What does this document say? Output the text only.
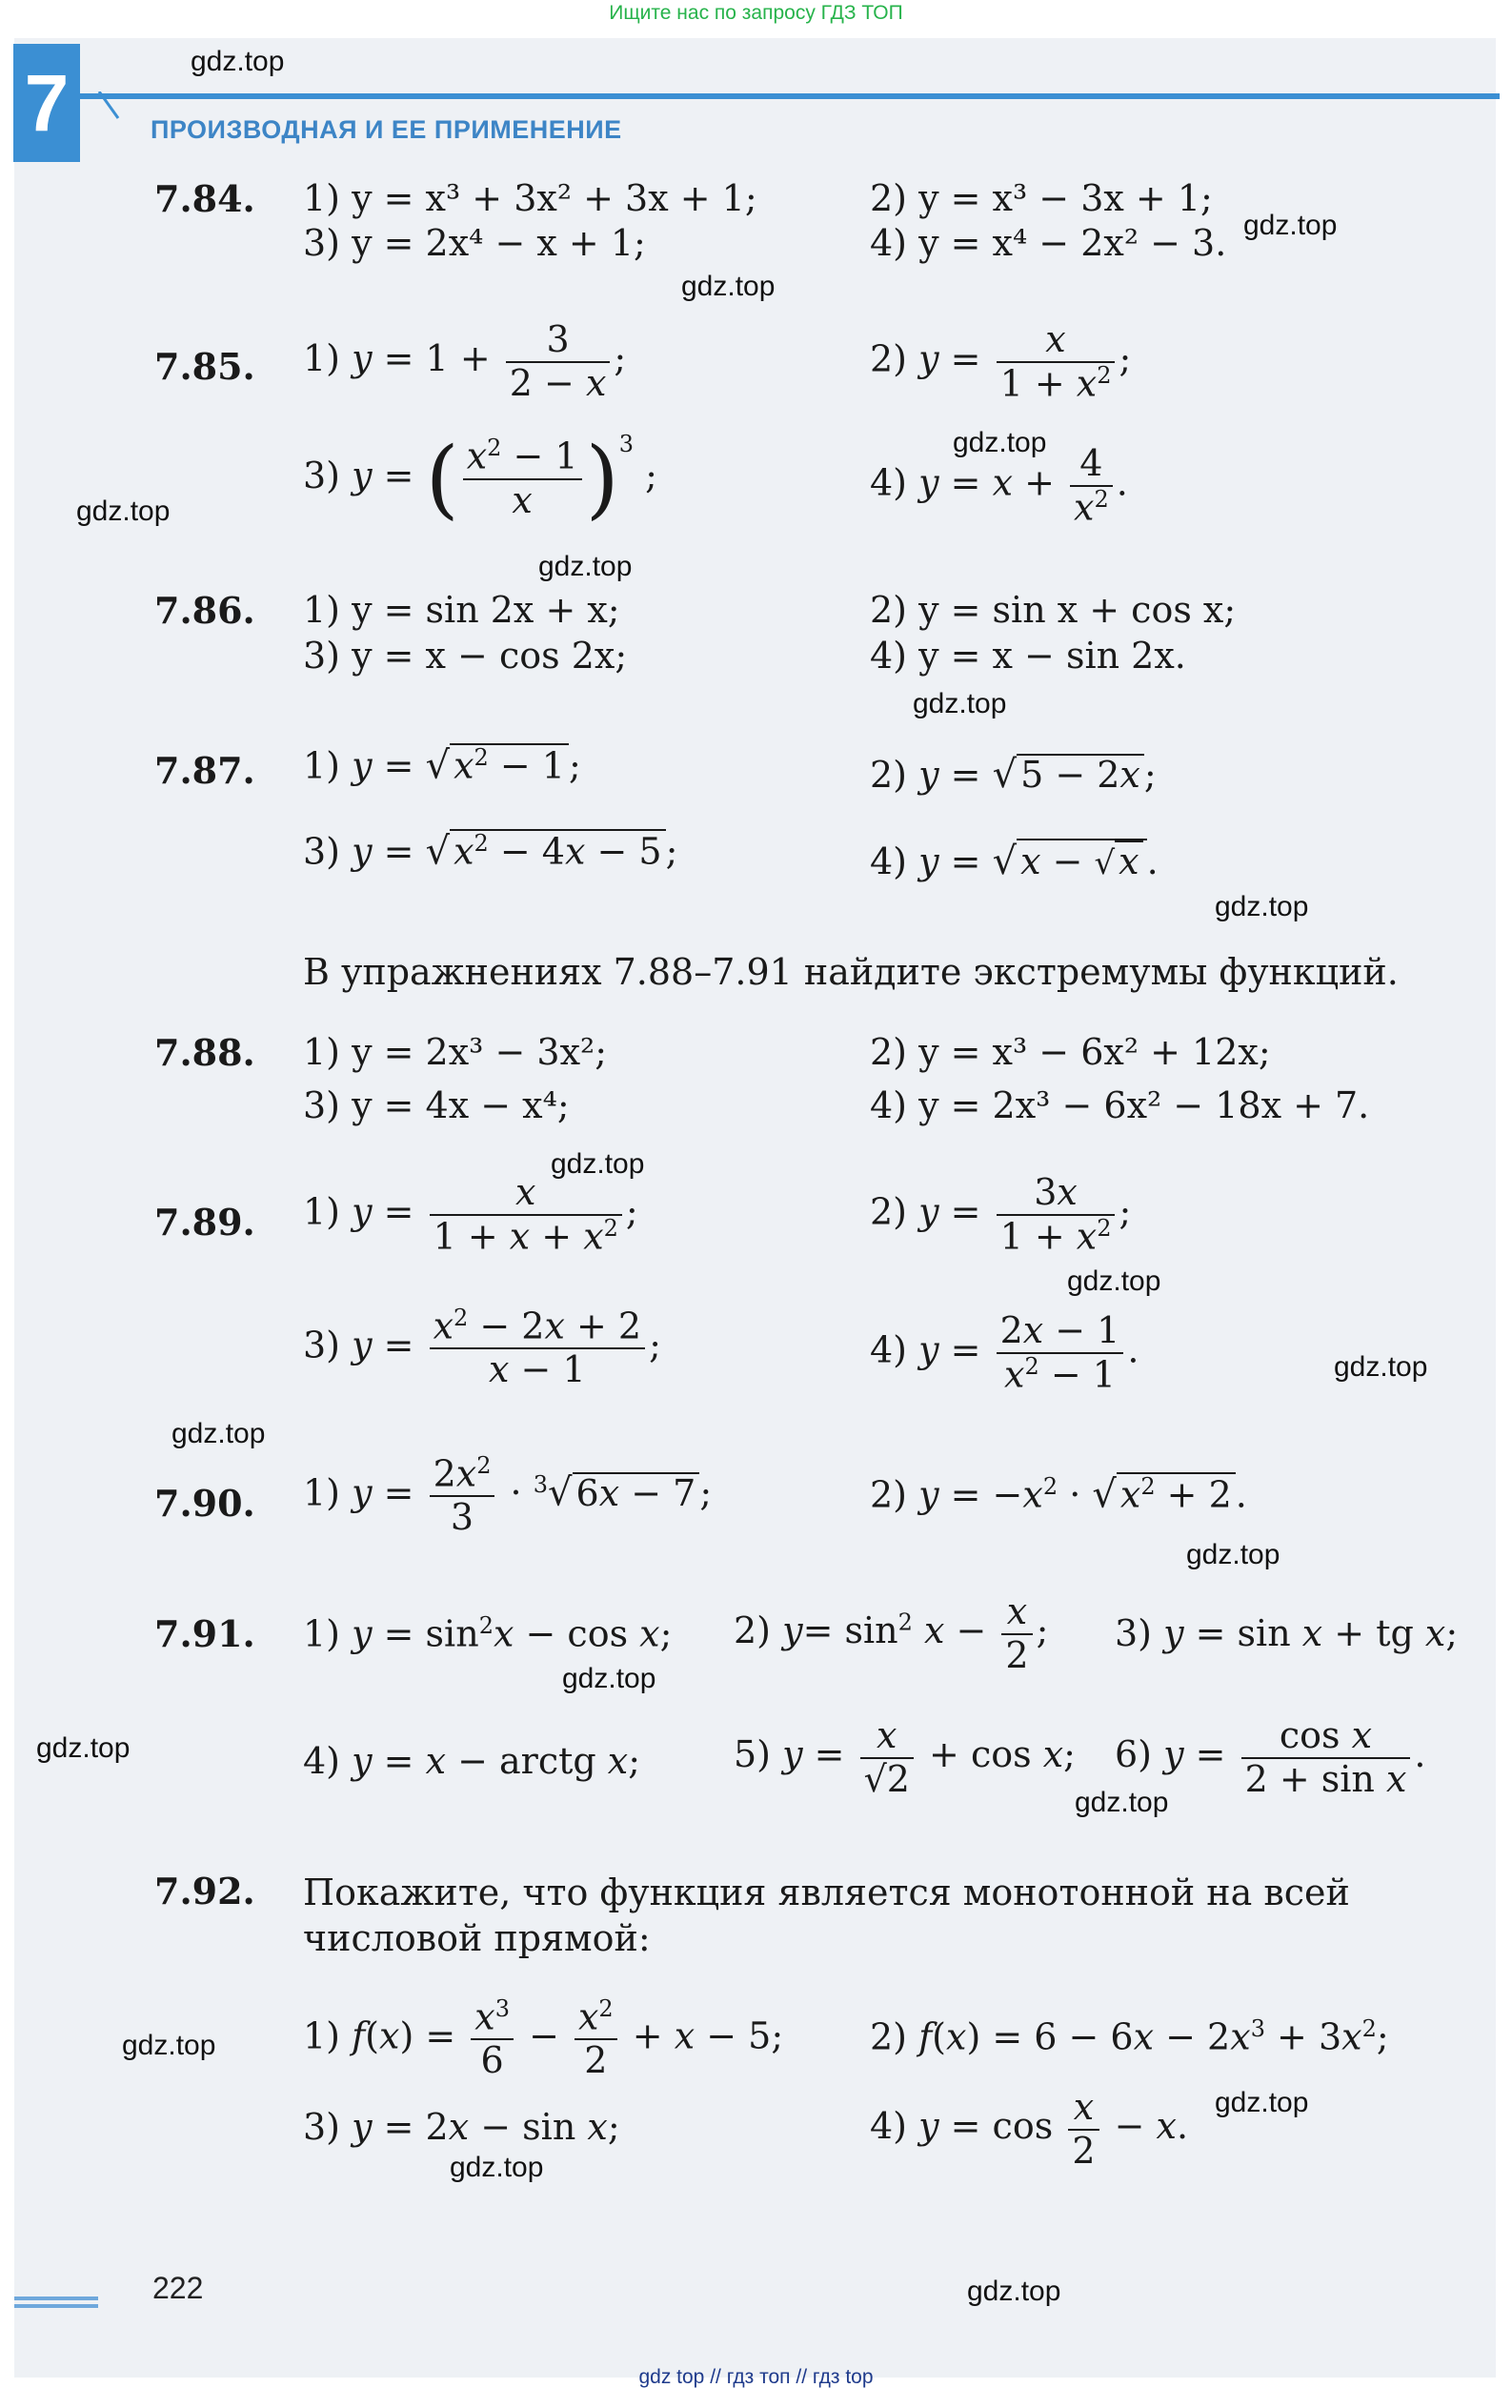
Ищите нас по запросу ГДЗ ТОП
7	ПРОИЗВОДНАЯ И ЕЕ ПРИМЕНЕНИЕ
gdz.top
gdz.top
gdz.top
gdz.top
gdz.top
gdz.top
gdz.top
gdz.top
gdz.top
gdz.top
gdz.top
gdz.top
gdz.top
gdz.top
gdz.top
gdz.top
gdz.top
gdz.top
gdz.top
gdz.top
7.84. 1) y = x³ + 3x² + 3x + 1;	2) y = x³ − 3x + 1;
3) y = 2x⁴ − x + 1;	4) y = x⁴ − 2x² − 3.
7.85. 1) $y = 1 + \frac{3}{2 - x}$ ;	2) $y = \frac{x}{1 + x^2}$ ;
3) y = ( $\frac{x^2 - 1}{x} )^3$ ;	4) $y = x + \frac{4}{x^2}$ .
7.86. 1) y = sin 2x + x;	2) y = sin x + cos x;
3) y = x − cos 2x;	4) y = x − sin 2x.
7.87. 1) y = √ $x^2 - 1$ ;	2) y = √ 5 − 2x ;
3) y = √ $x^2 - 4x - 5$ ;	4) y = √ x − √ x .
В упражнениях 7.88–7.91 найдите экстремумы функций.
7.88. 1) y = 2x³ − 3x²;	2) y = x³ − 6x² + 12x;
3) y = 4x − x⁴;	4) y = 2x³ − 6x² − 18x + 7.
7.89. 1) $y = \frac{x}{1 + x + x^2}$ ;	2) $y = \frac{3x}{1 + x^2}$ ;
3) $y = \frac{x^2 - 2x + 2}{x - 1}$ ;	4) $y = \frac{2x - 1}{x^2 - 1}$ .
7.90. 1) $y = \frac{2x^2}{3} \cdot ^3√$ 6x − 7 ;	2) $y = -x^2$ · √ $x^2 + 2$ .
7.91. 1) $y = \sin^2x - \cos x$; 2) $y= \sin^2 x - \frac{x}{2}$ ; 3) y = sin x + tg x;
4) y = x − arctg x;	5) $y = \frac{x}{√2} + \cos x$; 6) $y = \frac{\text{cos x}}{\text{2 + sin x}}$ .
7.92. Покажите, что функция является монотонной на всей числовой прямой:
1) $f(x) = \frac{x^3}{6} - \frac{x^2}{2} + x - 5$; 2) $f(x) = 6 - 6x - 2x^3 + 3x^2$;
3) y = 2x − sin x;	4) $y = \cos \frac{x}{2} - x$.
222
gdz top // гдз топ // гдз top
